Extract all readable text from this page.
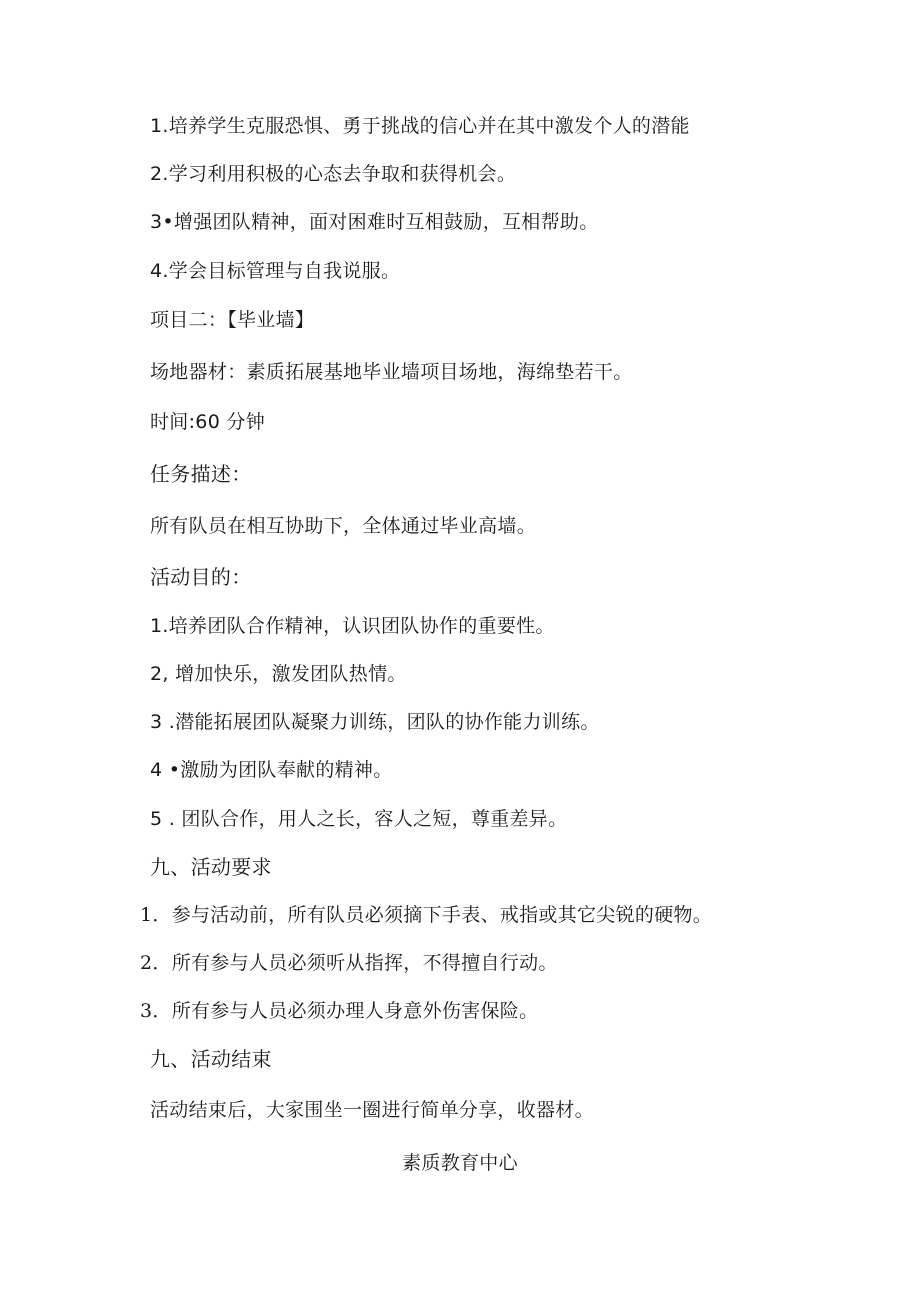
1.培养学生克服恐惧、勇于挑战的信心并在其中激发个人的潜能
2.学习利用积极的心态去争取和获得机会。
3•增强团队精神，面对困难时互相鼓励，互相帮助。
4.学会目标管理与自我说服。
项目二：【毕业墙】
场地器材：素质拓展基地毕业墙项目场地，海绵垫若干。
时间:60 分钟
任务描述：
所有队员在相互协助下，全体通过毕业高墙。
活动目的：
1.培养团队合作精神，认识团队协作的重要性。
2, 增加快乐，激发团队热情。
3 .潜能拓展团队凝聚力训练，团队的协作能力训练。
4 •激励为团队奉献的精神。
5 . 团队合作，用人之长，容人之短，尊重差异。
九、活动要求
1．参与活动前，所有队员必须摘下手表、戒指或其它尖锐的硬物。
2．所有参与人员必须听从指挥，不得擅自行动。
3．所有参与人员必须办理人身意外伤害保险。
九、活动结束
活动结束后，大家围坐一圈进行简单分享，收器材。
素质教育中心
